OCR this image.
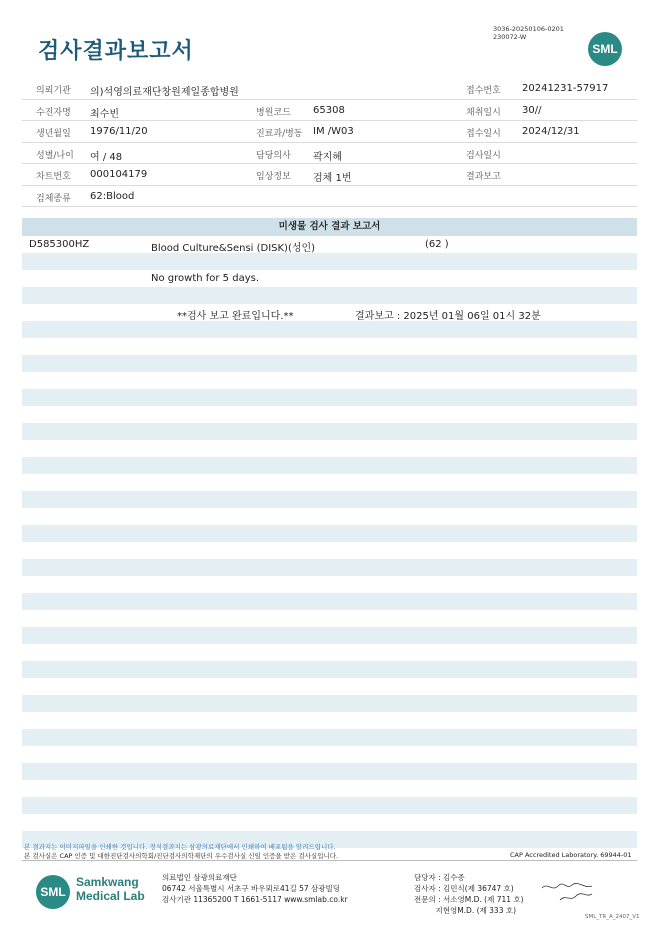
검사결과보고서
3036-20250106-0201
230072-W
SML
의뢰기관 의)석영의료재단창원제일종합병원	접수번호 20241231-57917
수진자명 최수빈	병원코드 65308	채취일시 30//
생년월일 1976/11/20	진료과/병동 IM /W03	접수일시 2024/12/31
성별/나이 여 / 48	담당의사 곽지혜	검사일시
차트번호 000104179	임상정보 검체 1번	결과보고
검체종류 62:Blood
미생물 검사 결과 보고서
D585300HZ	Blood Culture&Sensi (DISK)(성인)	(62 )
No growth for 5 days.
**검사 보고 완료입니다.**	결과보고 : 2025년 01월 06일 01시 32분
본 결과지는 이미지파일을 인쇄한 것입니다. 정식결과지는 삼광의료재단에서 인쇄하여 배포됨을 알려드립니다.
본 검사실은 CAP 인증 및 대한진단검사의학회/진단검사의학재단의 우수검사실 신임 인증을 받은 검사실입니다.	CAP Accredited Laboratory. 69944-01
SML
Samkwang
Medical Lab
의료법인 삼광의료재단
06742 서울특별시 서초구 바우뫼로41길 57 삼광빌딩
검사기관 11365200 T 1661-5117 www.smlab.co.kr
담당자 : 김수종
검사자 : 김민식(제 36747 호)
전문의 : 서소영M.D. (제 711 호)
지현영M.D. (제 333 호)
SML_TR_A_2407_V1
